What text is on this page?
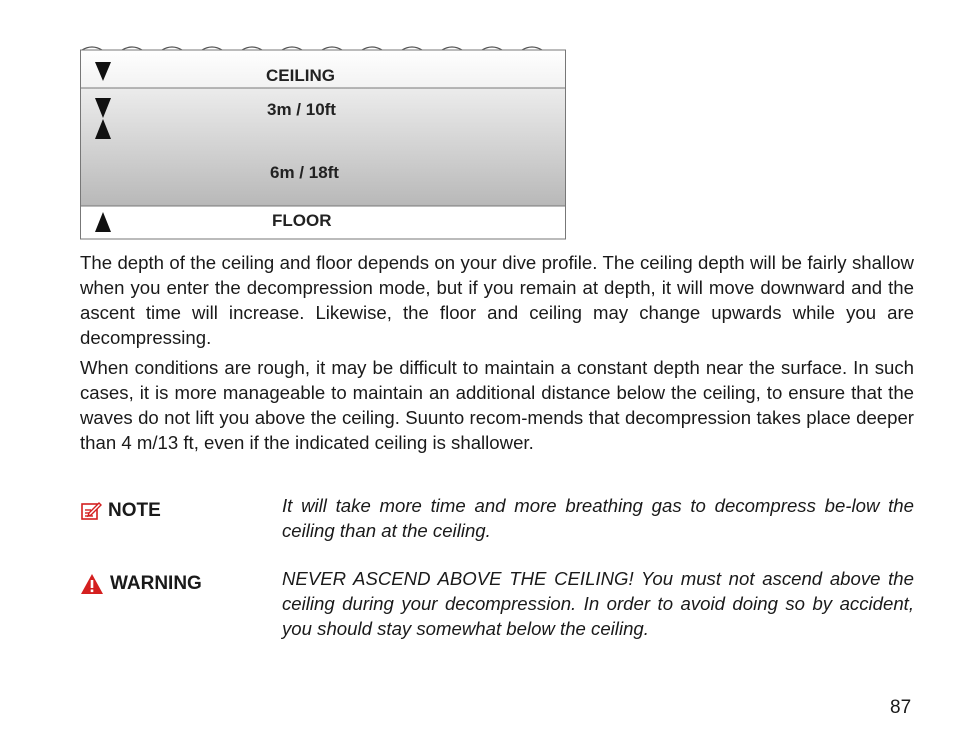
CEILING
3m / 10ft
6m / 18ft
FLOOR

The depth of the ceiling and floor depends on your dive profile. The ceiling depth will be fairly shallow when you enter the decompression mode, but if you remain at depth, it will move downward and the ascent time will increase. Likewise, the floor and ceiling may change upwards while you are decompressing.

When conditions are rough, it may be difficult to maintain a constant depth near the surface. In such cases, it is more manageable to maintain an additional distance below the ceiling, to ensure that the waves do not lift you above the ceiling. Suunto recom-mends that decompression takes place deeper than 4 m/13 ft, even if the indicated ceiling is shallower.

NOTE	It will take more time and more breathing gas to decompress be-low the ceiling than at the ceiling.

WARNING	NEVER ASCEND ABOVE THE CEILING! You must not ascend above the ceiling during your decompression. In order to avoid doing so by accident, you should stay somewhat below the ceiling.

87
